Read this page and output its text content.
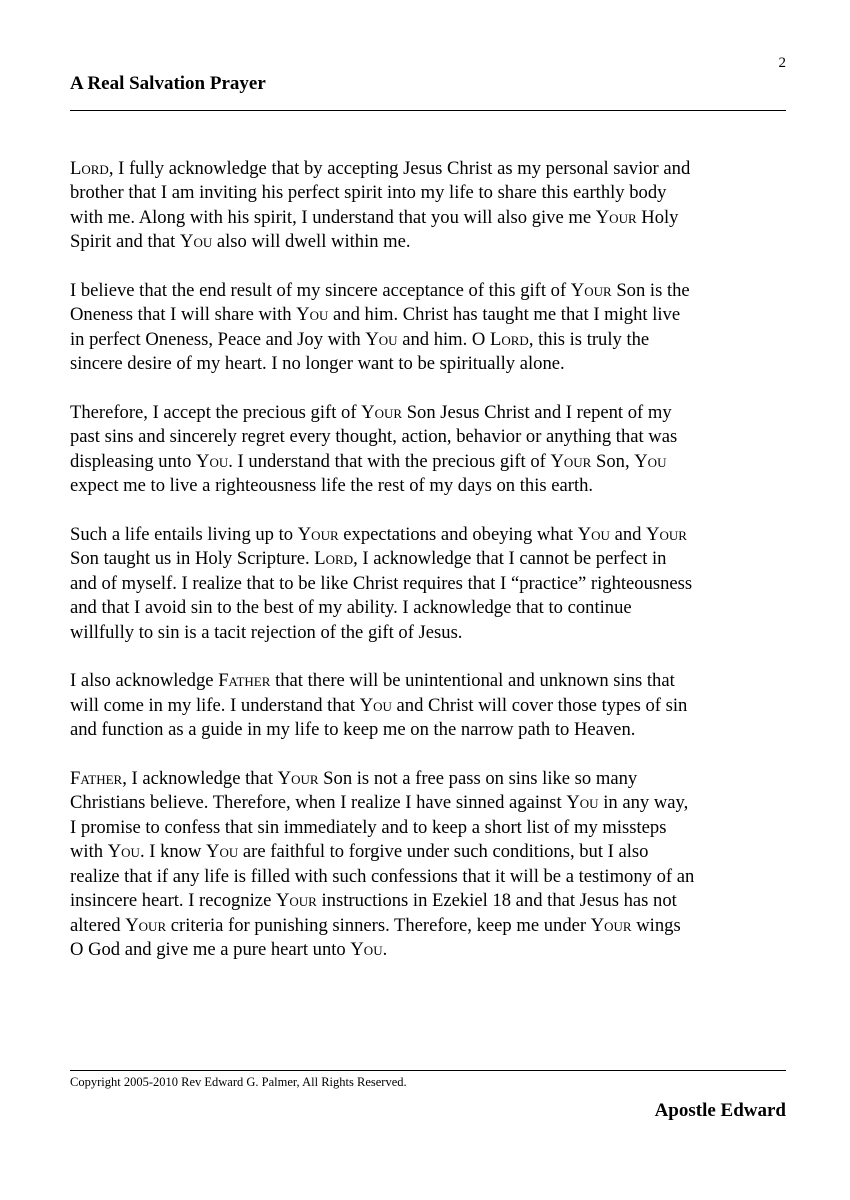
2
A Real Salvation Prayer

Lord, I fully acknowledge that by accepting Jesus Christ as my personal savior and
brother that I am inviting his perfect spirit into my life to share this earthly body
with me. Along with his spirit, I understand that you will also give me Your Holy
Spirit and that You also will dwell within me.

I believe that the end result of my sincere acceptance of this gift of Your Son is the
Oneness that I will share with You and him. Christ has taught me that I might live
in perfect Oneness, Peace and Joy with You and him. O Lord, this is truly the
sincere desire of my heart. I no longer want to be spiritually alone.

Therefore, I accept the precious gift of Your Son Jesus Christ and I repent of my
past sins and sincerely regret every thought, action, behavior or anything that was
displeasing unto You. I understand that with the precious gift of Your Son, You
expect me to live a righteousness life the rest of my days on this earth.

Such a life entails living up to Your expectations and obeying what You and Your
Son taught us in Holy Scripture. Lord, I acknowledge that I cannot be perfect in
and of myself. I realize that to be like Christ requires that I “practice” righteousness
and that I avoid sin to the best of my ability. I acknowledge that to continue
willfully to sin is a tacit rejection of the gift of Jesus.

I also acknowledge Father that there will be unintentional and unknown sins that
will come in my life. I understand that You and Christ will cover those types of sin
and function as a guide in my life to keep me on the narrow path to Heaven.

Father, I acknowledge that Your Son is not a free pass on sins like so many
Christians believe. Therefore, when I realize I have sinned against You in any way,
I promise to confess that sin immediately and to keep a short list of my missteps
with You. I know You are faithful to forgive under such conditions, but I also
realize that if any life is filled with such confessions that it will be a testimony of an
insincere heart. I recognize Your instructions in Ezekiel 18 and that Jesus has not
altered Your criteria for punishing sinners. Therefore, keep me under Your wings
O God and give me a pure heart unto You.

Copyright 2005-2010 Rev Edward G. Palmer, All Rights Reserved.
Apostle Edward
